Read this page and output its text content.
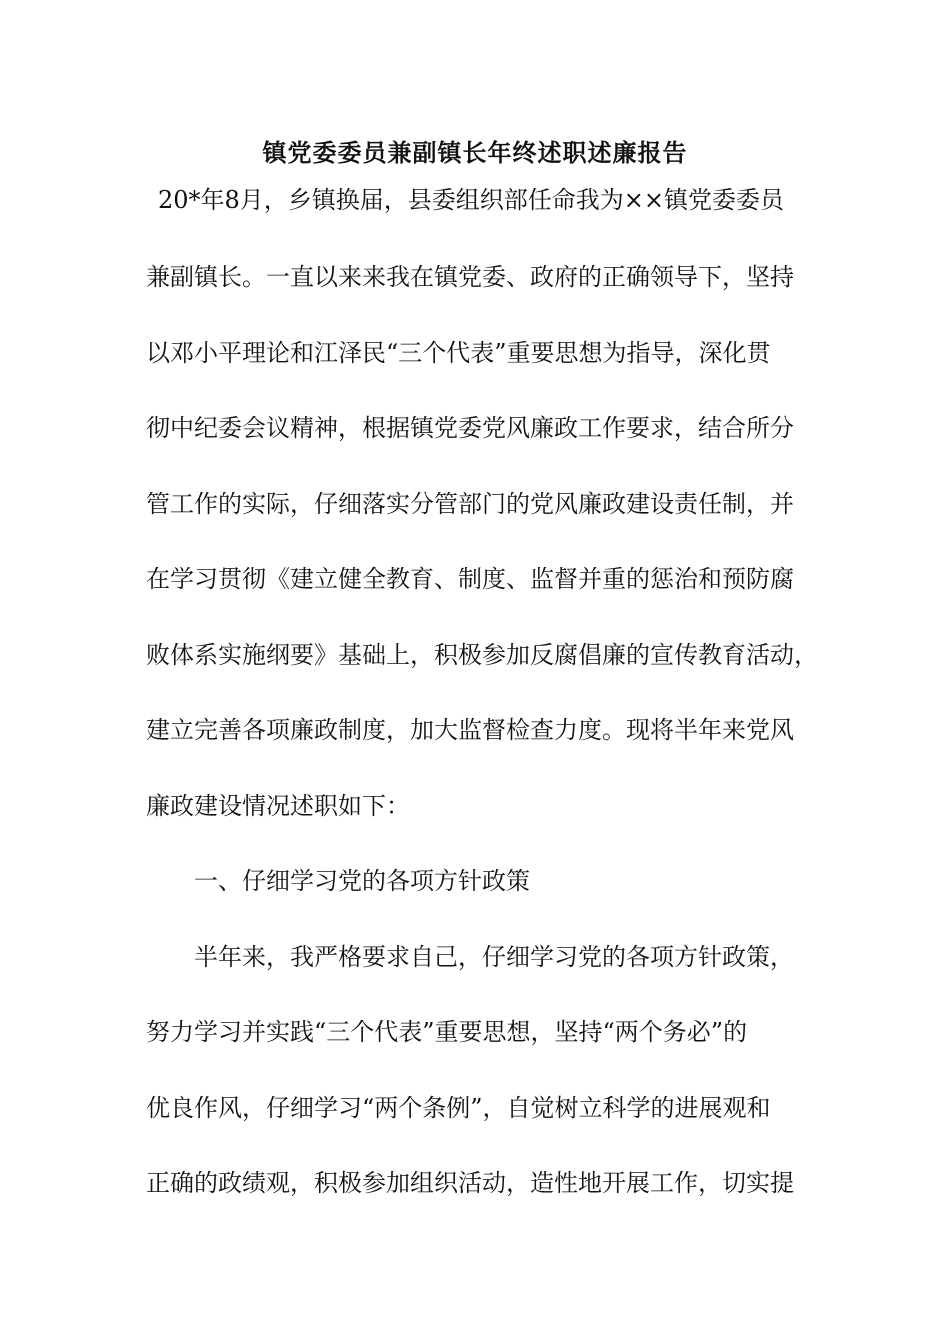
镇党委委员兼副镇长年终述职述廉报告

20*年8月，乡镇换届，县委组织部任命我为××镇党委委员

兼副镇长。一直以来来我在镇党委、政府的正确领导下，坚持

以邓小平理论和江泽民“三个代表”重要思想为指导，深化贯

彻中纪委会议精神，根据镇党委党风廉政工作要求，结合所分

管工作的实际，仔细落实分管部门的党风廉政建设责任制，并

在学习贯彻《建立健全教育、制度、监督并重的惩治和预防腐

败体系实施纲要》基础上，积极参加反腐倡廉的宣传教育活动，

建立完善各项廉政制度，加大监督检查力度。现将半年来党风

廉政建设情况述职如下：

一、仔细学习党的各项方针政策

半年来，我严格要求自己，仔细学习党的各项方针政策，

努力学习并实践“三个代表”重要思想，坚持“两个务必”的

优良作风，仔细学习“两个条例”，自觉树立科学的进展观和

正确的政绩观，积极参加组织活动，造性地开展工作，切实提
